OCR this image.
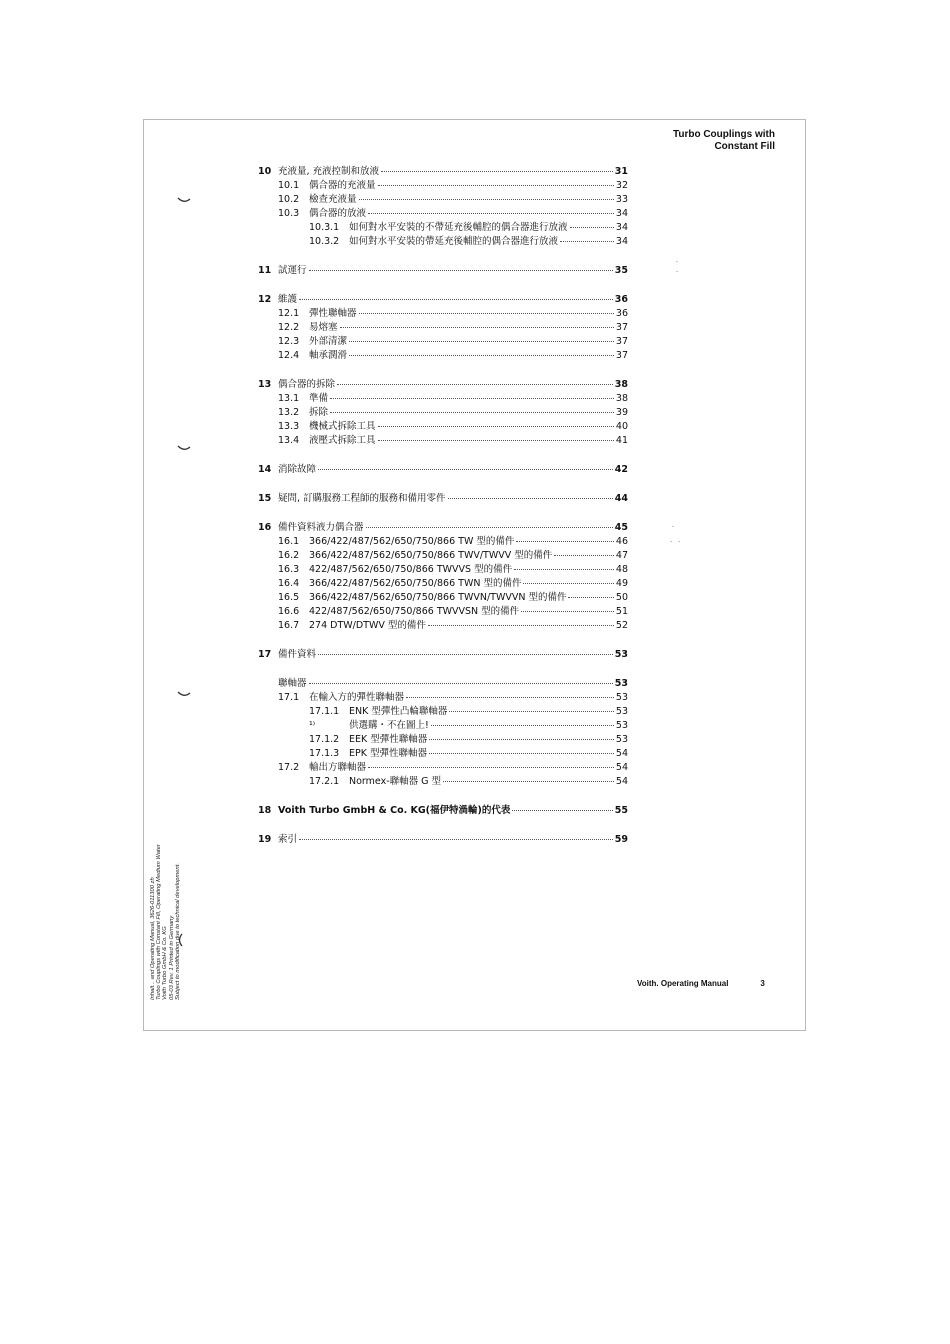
Turbo Couplings with
Constant Fill
10 充液量, 充液控制和放液	31
10.1	偶合器的充液量	32
10.2	檢查充液量	33
10.3	偶合器的放液	34
10.3.1	如何對水平安裝的不帶延充後輔腔的偶合器進行放液	34
10.3.2	如何對水平安裝的帶延充後輔腔的偶合器進行放液	34
11 試運行	35
12 維護	36
12.1	彈性聯軸器	36
12.2	易熔塞	37
12.3	外部清潔	37
12.4	軸承潤滑	37
13 偶合器的拆除	38
13.1	準備	38
13.2	拆除	39
13.3	機械式拆除工具	40
13.4	液壓式拆除工具	41
14 消除故障	42
15 疑問, 訂購服務工程師的服務和備用零件	44
16 備件資料液力偶合器	45
16.1	366/422/487/562/650/750/866 TW 型的備件	46
16.2	366/422/487/562/650/750/866 TWV/TWVV 型的備件	47
16.3	422/487/562/650/750/866 TWVVS 型的備件	48
16.4	366/422/487/562/650/750/866 TWN 型的備件	49
16.5	366/422/487/562/650/750/866 TWVN/TWVVN 型的備件	50
16.6	422/487/562/650/750/866 TWVVSN 型的備件	51
16.7	274 DTW/DTWV 型的備件	52
17 備件資料	53
聯軸器	53
17.1	在輸入方的彈性聯軸器	53
17.1.1	ENK 型彈性凸輪聯軸器	53
¹⁾	供選購・不在圖上!	53
17.1.2	EEK 型彈性聯軸器	53
17.1.3	EPK 型彈性聯軸器	54
17.2	輸出方聯軸器	54
17.2.1	Normex-聯軸器 G 型	54
18 Voith Turbo GmbH & Co. KG(福伊特渦輪)的代表	55
19 索引	59
Inhalt... and Operating Manual, 3626-011300 zh Turbo Couplings with Constant Fill, Operating Medium Water Voith Turbo GmbH & Co. KG 05-03 Rev. 1 Printed in Germany Subject to modification due to technical development.	Voith. Operating Manual	3
